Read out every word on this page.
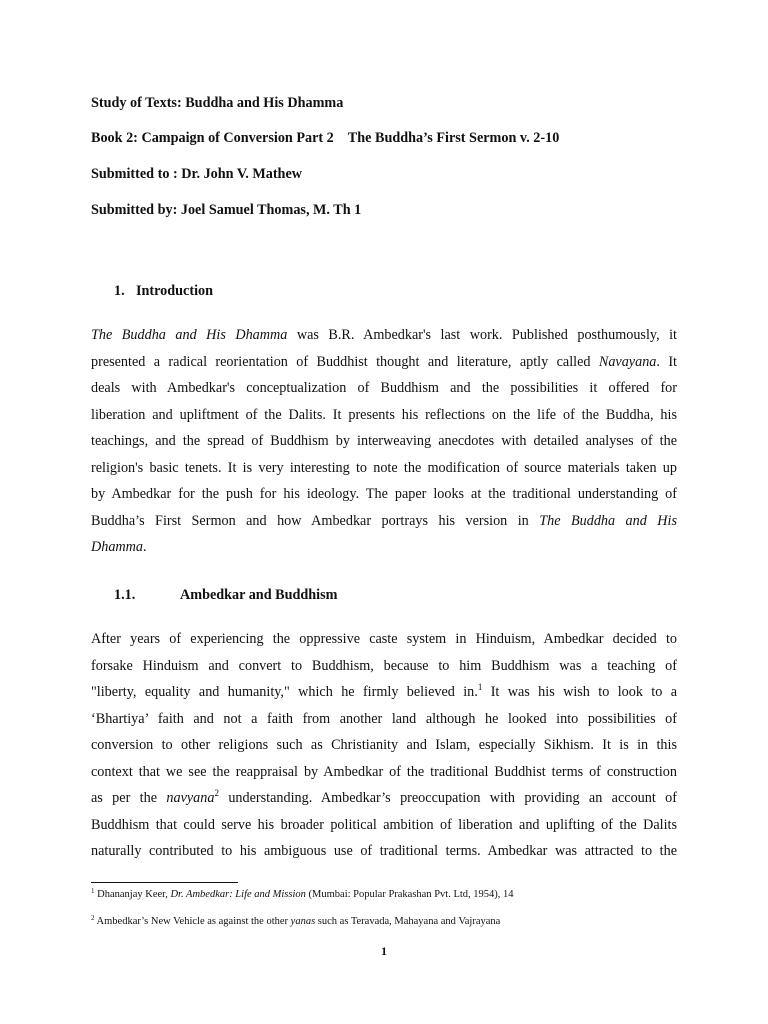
Study of Texts: Buddha and His Dhamma
Book 2: Campaign of Conversion Part 2 The Buddha’s First Sermon v. 2-10
Submitted to : Dr. John V. Mathew
Submitted by: Joel Samuel Thomas, M. Th 1
1. Introduction
The Buddha and His Dhamma was B.R. Ambedkar's last work. Published posthumously, it
presented a radical reorientation of Buddhist thought and literature, aptly called Navayana. It
deals with Ambedkar's conceptualization of Buddhism and the possibilities it offered for
liberation and upliftment of the Dalits. It presents his reflections on the life of the Buddha, his
teachings, and the spread of Buddhism by interweaving anecdotes with detailed analyses of the
religion's basic tenets. It is very interesting to note the modification of source materials taken up
by Ambedkar for the push for his ideology. The paper looks at the traditional understanding of
Buddha’s First Sermon and how Ambedkar portrays his version in The Buddha and His
Dhamma.
1.1.	Ambedkar and Buddhism
After years of experiencing the oppressive caste system in Hinduism, Ambedkar decided to
forsake Hinduism and convert to Buddhism, because to him Buddhism was a teaching of
"liberty, equality and humanity," which he firmly believed in.$^1$ It was his wish to look to a
‘Bhartiya’ faith and not a faith from another land although he looked into possibilities of
conversion to other religions such as Christianity and Islam, especially Sikhism. It is in this
context that we see the reappraisal by Ambedkar of the traditional Buddhist terms of construction
as per the navyana$^2$ understanding. Ambedkar’s preoccupation with providing an account of
Buddhism that could serve his broader political ambition of liberation and uplifting of the Dalits
naturally contributed to his ambiguous use of traditional terms. Ambedkar was attracted to the
$^1$ Dhananjay Keer, Dr. Ambedkar: Life and Mission (Mumbai: Popular Prakashan Pvt. Ltd, 1954), 14
$^2$ Ambedkar’s New Vehicle as against the other yanas such as Teravada, Mahayana and Vajrayana
1
